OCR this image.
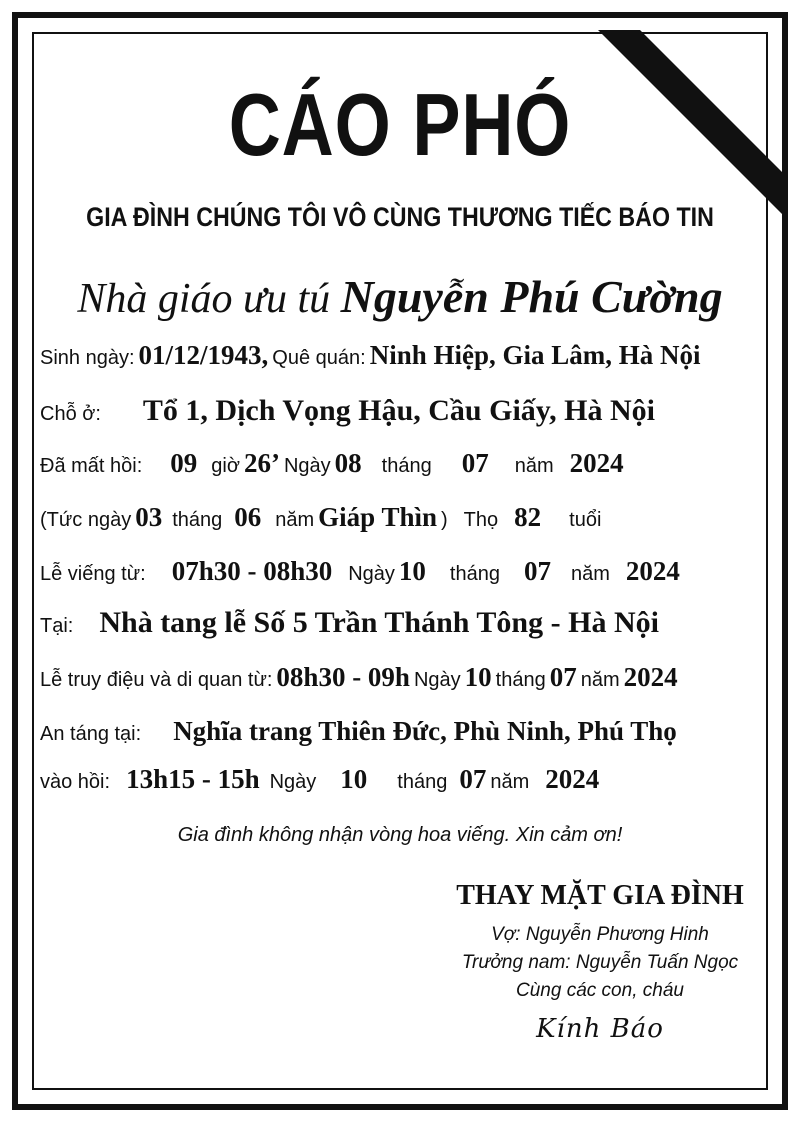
CÁO PHÓ
GIA ĐÌNH CHÚNG TÔI VÔ CÙNG THƯƠNG TIẾC BÁO TIN
Nhà giáo ưu tú Nguyễn Phú Cường
Sinh ngày: 01/12/1943, Quê quán: Ninh Hiệp, Gia Lâm, Hà Nội
Chỗ ở: Tổ 1, Dịch Vọng Hậu, Cầu Giấy, Hà Nội
Đã mất hồi: 09 giờ 26’ Ngày 08 tháng 07 năm 2024
(Tức ngày 03 tháng 06 năm Giáp Thìn ) Thọ 82 tuổi
Lễ viếng từ: 07h30 - 08h30 Ngày 10 tháng 07 năm 2024
Tại: Nhà tang lễ Số 5 Trần Thánh Tông - Hà Nội
Lễ truy điệu và di quan từ: 08h30 - 09h Ngày 10 tháng 07 năm 2024
An táng tại: Nghĩa trang Thiên Đức, Phù Ninh, Phú Thọ
vào hồi: 13h15 - 15h Ngày 10 tháng 07 năm 2024
Gia đình không nhận vòng hoa viếng. Xin cảm ơn!
THAY MẶT GIA ĐÌNH
Vợ: Nguyễn Phương Hinh
Trưởng nam: Nguyễn Tuấn Ngọc
Cùng các con, cháu
Kính Báo
